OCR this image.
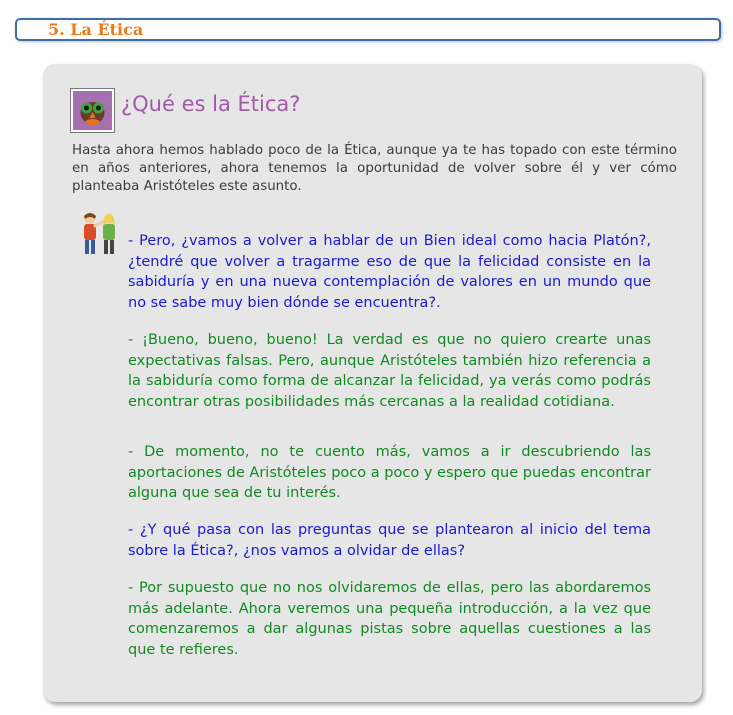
5. La Ética
¿Qué es la Ética?

Hasta ahora hemos hablado poco de la Ética, aunque ya te has topado con este término en años anteriores, ahora tenemos la oportunidad de volver sobre él y ver cómo planteaba Aristóteles este asunto.

- Pero, ¿vamos a volver a hablar de un Bien ideal como hacia Platón?, ¿tendré que volver a tragarme eso de que la felicidad consiste en la sabiduría y en una nueva contemplación de valores en un mundo que no se sabe muy bien dónde se encuentra?.

- ¡Bueno, bueno, bueno! La verdad es que no quiero crearte unas expectativas falsas. Pero, aunque Aristóteles también hizo referencia a la sabiduría como forma de alcanzar la felicidad, ya verás como podrás encontrar otras posibilidades más cercanas a la realidad cotidiana.

- De momento, no te cuento más, vamos a ir descubriendo las aportaciones de Aristóteles poco a poco y espero que puedas encontrar alguna que sea de tu interés.

- ¿Y qué pasa con las preguntas que se plantearon al inicio del tema sobre la Ética?, ¿nos vamos a olvidar de ellas?

- Por supuesto que no nos olvidaremos de ellas, pero las abordaremos más adelante. Ahora veremos una pequeña introducción, a la vez que comenzaremos a dar algunas pistas sobre aquellas cuestiones a las que te refieres.
